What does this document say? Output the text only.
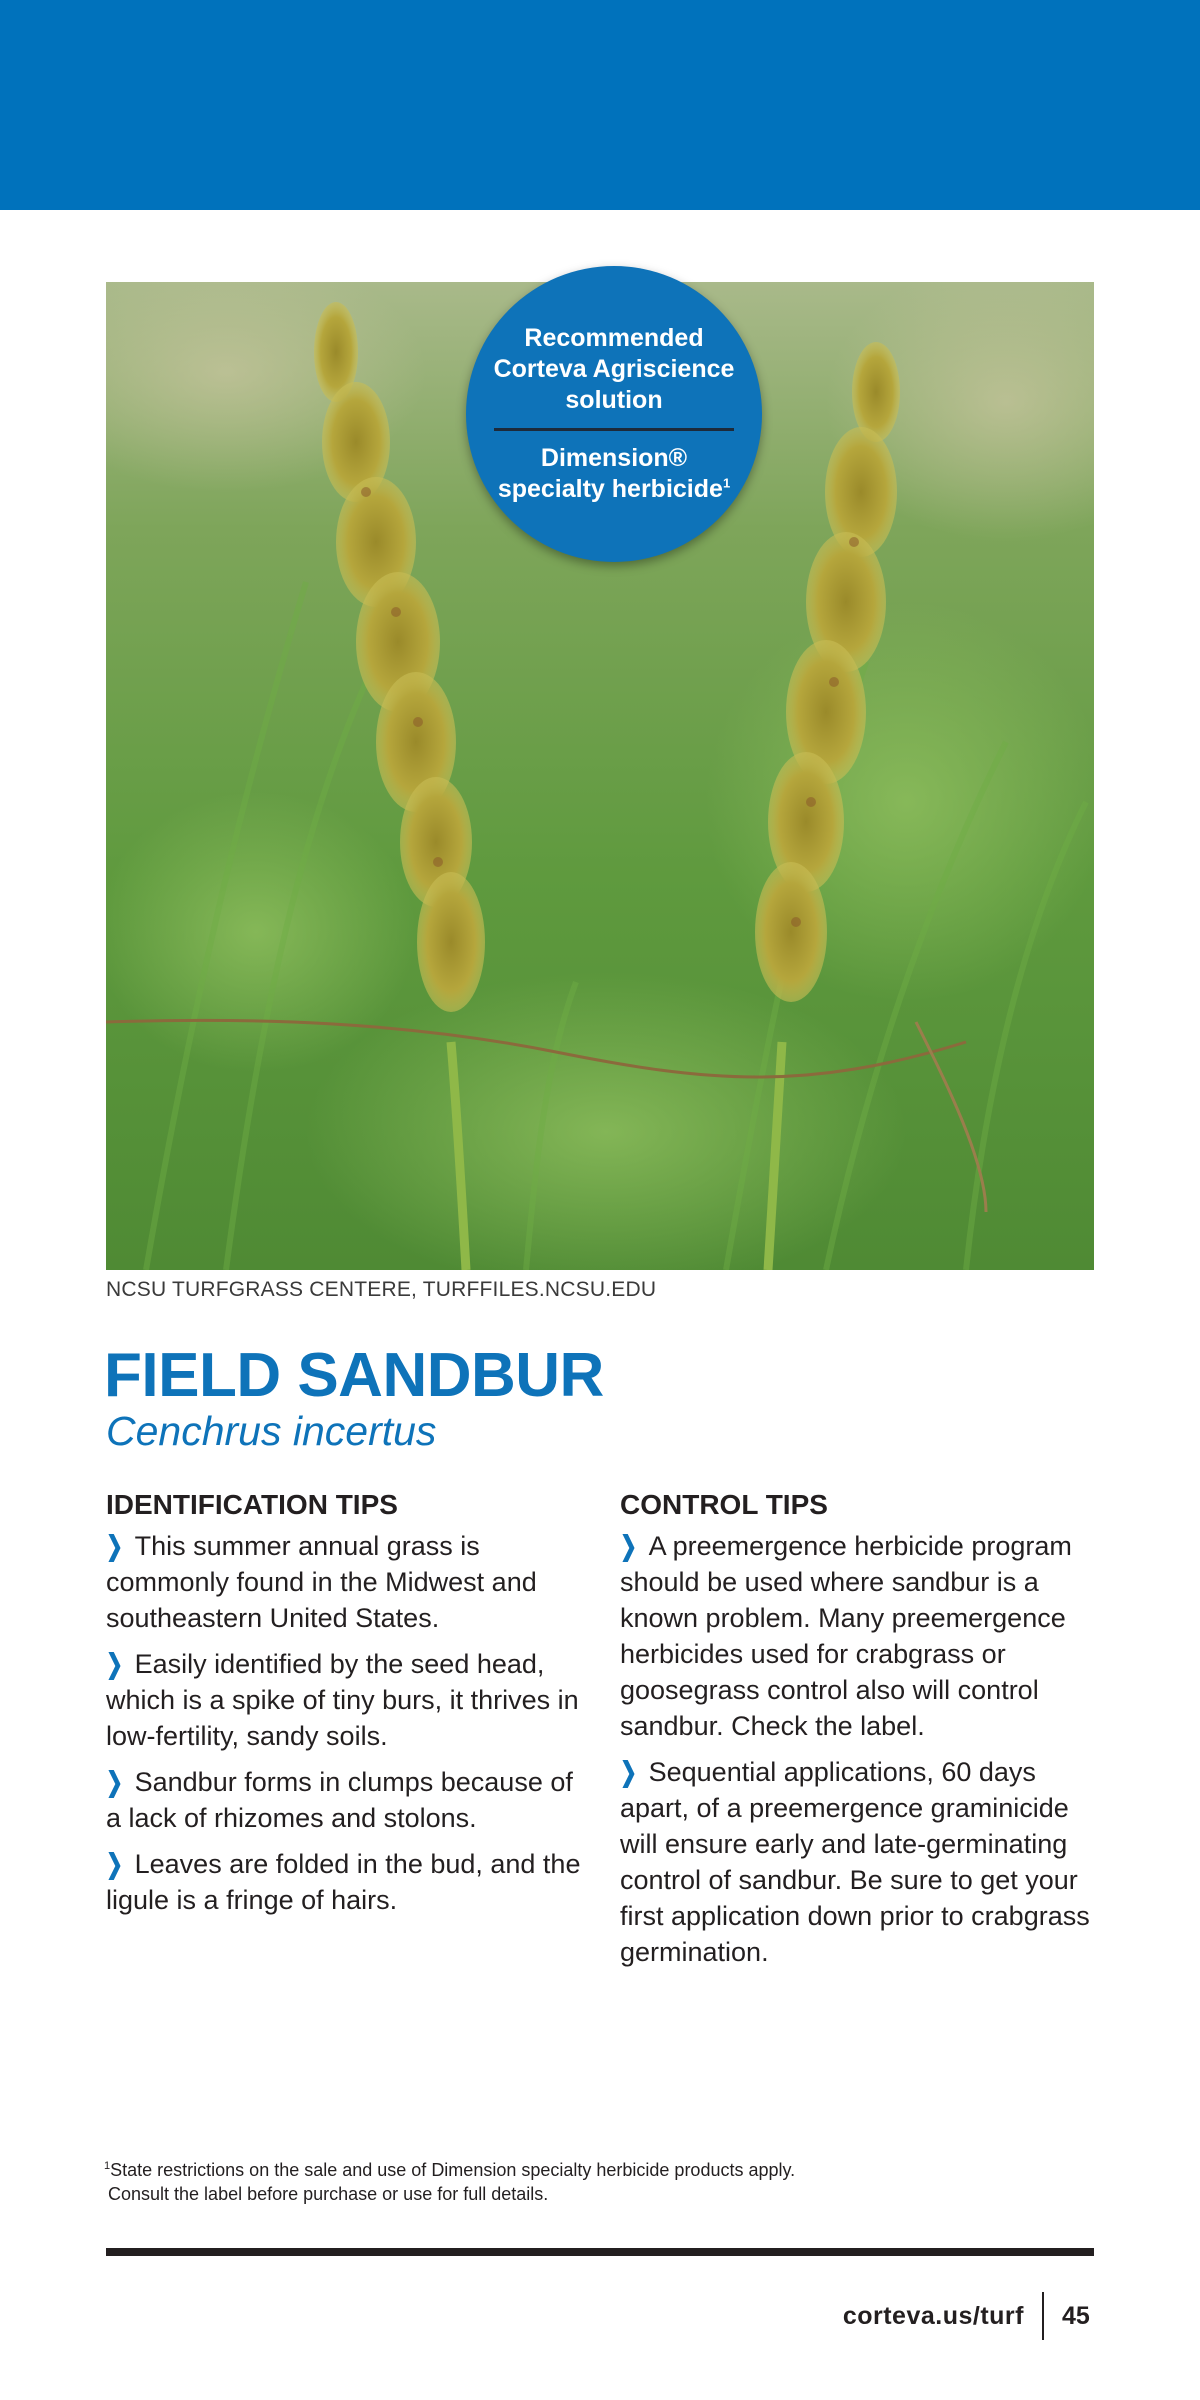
Recommended Corteva Agriscience solution
Dimension® specialty herbicide$^1$
NCSU TURFGRASS CENTERE, TURFFILES.NCSU.EDU
FIELD SANDBUR
Cenchrus incertus
IDENTIFICATION TIPS
❯ This summer annual grass is commonly found in the Midwest and southeastern United States.
❯ Easily identified by the seed head, which is a spike of tiny burs, it thrives in low-fertility, sandy soils.
❯ Sandbur forms in clumps because of a lack of rhizomes and stolons.
❯ Leaves are folded in the bud, and the ligule is a fringe of hairs.
CONTROL TIPS
❯ A preemergence herbicide program should be used where sandbur is a known problem. Many preemergence herbicides used for crabgrass or goosegrass control also will control sandbur. Check the label.
❯ Sequential applications, 60 days apart, of a preemergence graminicide will ensure early and late-germinating control of sandbur. Be sure to get your first application down prior to crabgrass germination.
$^1$State restrictions on the sale and use of Dimension specialty herbicide products apply.
Consult the label before purchase or use for full details.
corteva.us/turf 45
